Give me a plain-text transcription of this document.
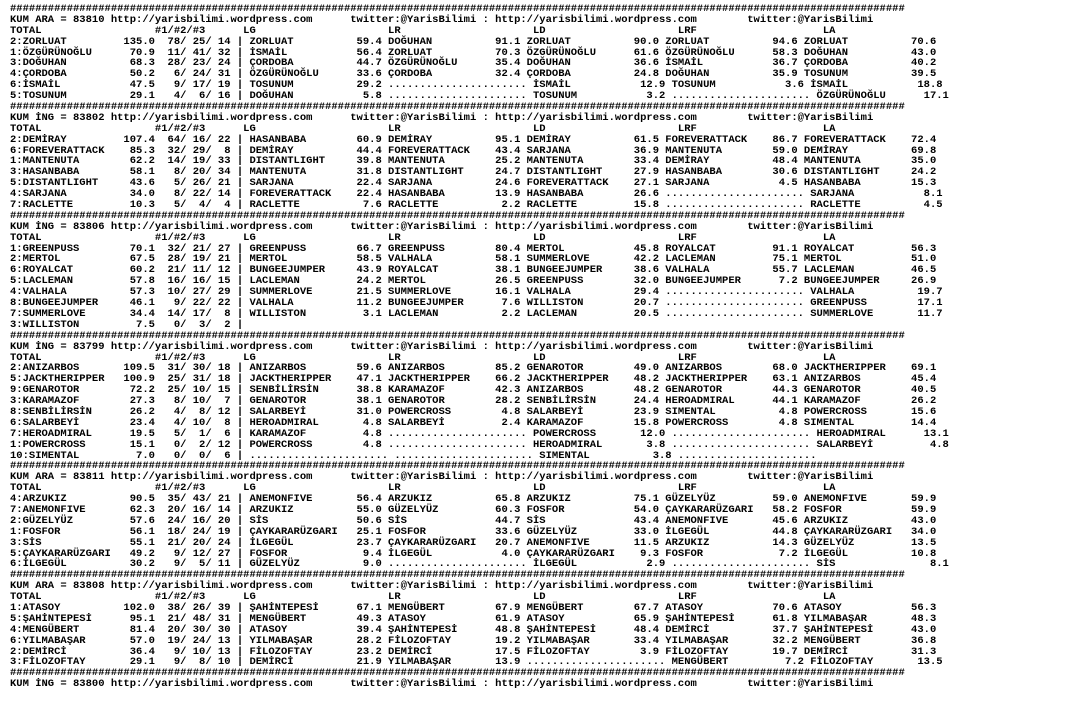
##############################################################################################################################################
KUM ARA = 83810 http://yarisbilimi.wordpress.com      twitter:@YarisBilimi : http://yarisbilimi.wordpress.com        twitter:@YarisBilimi
TOTAL                  #1/#2/#3      LG                     LR                     LD                     LRF                    LA
2:ZORLUAT         135.0  78/ 25/ 14 | ZORLUAT          59.4 DOĞUHAN          91.1 ZORLUAT          90.0 ZORLUAT          94.6 ZORLUAT          70.6
1:ÖZGÜRÜNOĞLU      70.9  11/ 41/ 32 | İSMAİL           56.4 ZORLUAT          70.3 ÖZGÜRÜNOĞLU      61.6 ÖZGÜRÜNOĞLU      58.3 DOĞUHAN          43.0
3:DOĞUHAN          68.3  28/ 23/ 24 | ÇORDOBA          44.7 ÖZGÜRÜNOĞLU      35.4 DOĞUHAN          36.6 İSMAİL           36.7 ÇORDOBA          40.2
4:ÇORDOBA          50.2   6/ 24/ 31 | ÖZGÜRÜNOĞLU      33.6 ÇORDOBA          32.4 ÇORDOBA          24.8 DOĞUHAN          35.9 TOSUNUM          39.5
6:İSMAİL           47.5   9/ 17/ 19 | TOSUNUM          29.2 ...................... İSMAİL           12.9 TOSUNUM           3.6 İSMAİL           18.8
5:TOSUNUM          29.1   4/  6/ 16 | DOĞUHAN           5.8 ...................... TOSUNUM           3.2 ...................... ÖZGÜRÜNOĞLU      17.1
##############################################################################################################################################
KUM İNG = 83802 http://yarisbilimi.wordpress.com      twitter:@YarisBilimi : http://yarisbilimi.wordpress.com        twitter:@YarisBilimi
TOTAL                  #1/#2/#3      LG                     LR                     LD                     LRF                    LA
2:DEMİRAY         107.4  64/ 16/ 22 | HASANBABA        60.9 DEMİRAY          95.1 DEMİRAY          61.5 FOREVERATTACK    86.7 FOREVERATTACK    72.4
6:FOREVERATTACK    85.3  32/ 29/  8 | DEMİRAY          44.4 FOREVERATTACK    43.4 SARJANA          36.9 MANTENUTA        59.0 DEMİRAY          69.8
1:MANTENUTA        62.2  14/ 19/ 33 | DISTANTLIGHT     39.8 MANTENUTA        25.2 MANTENUTA        33.4 DEMİRAY          48.4 MANTENUTA        35.0
3:HASANBABA        58.1   8/ 20/ 34 | MANTENUTA        31.8 DISTANTLIGHT     24.7 DISTANTLIGHT     27.9 HASANBABA        30.6 DISTANTLIGHT     24.2
5:DISTANTLIGHT     43.6   5/ 26/ 21 | SARJANA          22.4 SARJANA          24.6 FOREVERATTACK    27.1 SARJANA           4.5 HASANBABA        15.3
4:SARJANA          34.0   8/ 22/ 14 | FOREVERATTACK    22.4 HASANBABA        13.9 HASANBABA        26.6 ...................... SARJANA           8.1
7:RACLETTE         10.3   5/  4/  4 | RACLETTE          7.6 RACLETTE          2.2 RACLETTE         15.8 ...................... RACLETTE          4.5
##############################################################################################################################################
KUM İNG = 83806 http://yarisbilimi.wordpress.com      twitter:@YarisBilimi : http://yarisbilimi.wordpress.com        twitter:@YarisBilimi
TOTAL                  #1/#2/#3      LG                     LR                     LD                     LRF                    LA
1:GREENPUSS        70.1  32/ 21/ 27 | GREENPUSS        66.7 GREENPUSS        80.4 MERTOL           45.8 ROYALCAT         91.1 ROYALCAT         56.3
2:MERTOL           67.5  28/ 19/ 21 | MERTOL           58.5 VALHALA          58.1 SUMMERLOVE       42.2 LACLEMAN         75.1 MERTOL           51.0
6:ROYALCAT         60.2  21/ 11/ 12 | BUNGEEJUMPER     43.9 ROYALCAT         38.1 BUNGEEJUMPER     38.6 VALHALA          55.7 LACLEMAN         46.5
5:LACLEMAN         57.8  16/ 16/ 15 | LACLEMAN         24.2 MERTOL           26.5 GREENPUSS        32.0 BUNGEEJUMPER      7.2 BUNGEEJUMPER     26.9
4:VALHALA          57.3  10/ 27/ 29 | SUMMERLOVE       21.5 SUMMERLOVE       16.1 VALHALA          29.4 ...................... VALHALA          19.7
8:BUNGEEJUMPER     46.1   9/ 22/ 22 | VALHALA          11.2 BUNGEEJUMPER      7.6 WILLISTON        20.7 ...................... GREENPUSS        17.1
7:SUMMERLOVE       34.4  14/ 17/  8 | WILLISTON         3.1 LACLEMAN          2.2 LACLEMAN         20.5 ...................... SUMMERLOVE       11.7
3:WILLISTON         7.5   0/  3/  2 |
##############################################################################################################################################
KUM İNG = 83799 http://yarisbilimi.wordpress.com      twitter:@YarisBilimi : http://yarisbilimi.wordpress.com        twitter:@YarisBilimi
TOTAL                  #1/#2/#3      LG                     LR                     LD                     LRF                    LA
2:ANIZARBOS       109.5  31/ 30/ 18 | ANIZARBOS        59.6 ANIZARBOS        85.2 GENAROTOR        49.0 ANIZARBOS        68.0 JACKTHERIPPER    69.1
5:JACKTHERIPPER   100.9  25/ 31/ 18 | JACKTHERIPPER    47.1 JACKTHERIPPER    66.2 JACKTHERIPPER    48.2 JACKTHERIPPER    63.1 ANIZARBOS        45.4
9:GENAROTOR        72.2  25/ 10/ 15 | SENBİLİRSİN      38.8 KARAMAZOF        42.3 ANIZARBOS        48.2 GENAROTOR        44.3 GENAROTOR        40.5
3:KARAMAZOF        27.3   8/ 10/  7 | GENAROTOR        38.1 GENAROTOR        28.2 SENBİLİRSİN      24.4 HEROADMIRAL      44.1 KARAMAZOF        26.2
8:SENBİLİRSİN      26.2   4/  8/ 12 | SALARBEYİ        31.0 POWERCROSS        4.8 SALARBEYİ        23.9 SIMENTAL          4.8 POWERCROSS       15.6
6:SALARBEYİ        23.4   4/ 10/  8 | HEROADMIRAL       4.8 SALARBEYİ         2.4 KARAMAZOF        15.8 POWERCROSS        4.8 SIMENTAL         14.4
7:HEROADMIRAL      19.5   5/  1/  6 | KARAMAZOF         4.8 ...................... POWERCROSS       12.0 ...................... HEROADMIRAL      13.1
1:POWERCROSS       15.1   0/  2/ 12 | POWERCROSS        4.8 ...................... HEROADMIRAL       3.8 ...................... SALARBEYİ         4.8
10:SIMENTAL         7.0   0/  0/  6 | ...................... ...................... SIMENTAL          3.8 ......................
##############################################################################################################################################
KUM ARA = 83811 http://yarisbilimi.wordpress.com      twitter:@YarisBilimi : http://yarisbilimi.wordpress.com        twitter:@YarisBilimi
TOTAL                  #1/#2/#3      LG                     LR                     LD                     LRF                    LA
4:ARZUKIZ          90.5  35/ 43/ 21 | ANEMONFIVE       56.4 ARZUKIZ          65.8 ARZUKIZ          75.1 GÜZELYÜZ         59.0 ANEMONFIVE       59.9
7:ANEMONFIVE       62.3  20/ 16/ 14 | ARZUKIZ          55.0 GÜZELYÜZ         60.3 FOSFOR           54.0 ÇAYKARARÜZGARI   58.2 FOSFOR           59.9
2:GÜZELYÜZ         57.6  24/ 16/ 20 | SİS              50.6 SİS              44.7 SİS              43.4 ANEMONFIVE       45.6 ARZUKIZ          43.0
1:FOSFOR           56.1  18/ 24/ 19 | ÇAYKARARÜZGARI   25.1 FOSFOR           33.6 GÜZELYÜZ         33.0 İLGEGÜL          44.8 ÇAYKARARÜZGARI   34.0
3:SİS              55.1  21/ 20/ 24 | İLGEGÜL          23.7 ÇAYKARARÜZGARI   20.7 ANEMONFIVE       11.5 ARZUKIZ          14.3 GÜZELYÜZ         13.5
5:ÇAYKARARÜZGARI   49.2   9/ 12/ 27 | FOSFOR            9.4 İLGEGÜL           4.0 ÇAYKARARÜZGARI    9.3 FOSFOR            7.2 İLGEGÜL          10.8
6:İLGEGÜL          30.2   9/  5/ 11 | GÜZELYÜZ          9.0 ...................... İLGEGÜL           2.9 ...................... SİS               8.1
##############################################################################################################################################
KUM ARA = 83808 http://yarisbilimi.wordpress.com      twitter:@YarisBilimi : http://yarisbilimi.wordpress.com        twitter:@YarisBilimi
TOTAL                  #1/#2/#3      LG                     LR                     LD                     LRF                    LA
1:ATASOY          102.0  38/ 26/ 39 | ŞAHİNTEPESİ      67.1 MENGÜBERT        67.9 MENGÜBERT        67.7 ATASOY           70.6 ATASOY           56.3
5:ŞAHİNTEPESİ      95.1  21/ 48/ 31 | MENGÜBERT        49.3 ATASOY           61.9 ATASOY           65.9 ŞAHİNTEPESİ      61.8 YILMABAŞAR       48.3
4:MENGÜBERT        81.4  20/ 30/ 30 | ATASOY           39.4 ŞAHİNTEPESİ      48.8 ŞAHİNTEPESİ      48.4 DEMİRCİ          37.7 ŞAHİNTEPESİ      43.0
6:YILMABAŞAR       57.0  19/ 24/ 13 | YILMABAŞAR       28.2 FİLOZOFTAY       19.2 YILMABAŞAR       33.4 YILMABAŞAR       32.2 MENGÜBERT        36.8
2:DEMİRCİ          36.4   9/ 10/ 13 | FİLOZOFTAY       23.2 DEMİRCİ          17.5 FİLOZOFTAY        3.9 FİLOZOFTAY       19.7 DEMİRCİ          31.3
3:FİLOZOFTAY       29.1   9/  8/ 10 | DEMİRCİ          21.9 YILMABAŞAR       13.9 ...................... MENGÜBERT         7.2 FİLOZOFTAY       13.5
##############################################################################################################################################
KUM İNG = 83800 http://yarisbilimi.wordpress.com      twitter:@YarisBilimi : http://yarisbilimi.wordpress.com        twitter:@YarisBilimi
